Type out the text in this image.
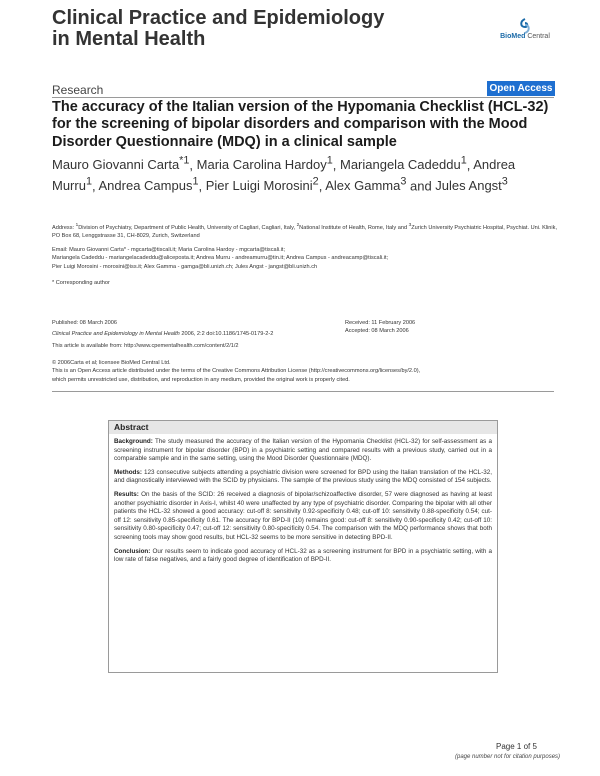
Clinical Practice and Epidemiology
in Mental Health	BioMed Central
Research	Open Access
The accuracy of the Italian version of the Hypomania Checklist (HCL-32) for the screening of bipolar disorders and comparison with the Mood Disorder Questionnaire (MDQ) in a clinical sample
Mauro Giovanni Carta$^{*1}$, Maria Carolina Hardoy$^1$, Mariangela Cadeddu$^1$, Andrea Murru$^1$, Andrea Campus$^1$, Pier Luigi Morosini$^2$, Alex Gamma$^3$ and Jules Angst$^3$
Address: $^1$Division of Psychiatry, Department of Public Health, University of Cagliari, Cagliari, Italy, $^2$National Institute of Health, Rome, Italy and $^3$Zurich University Psychiatric Hospital, Psychiat. Uni. Klinik, PO Box 68, Lenggstrasse 31, CH-8029, Zurich, Switzerland
Email: Mauro Giovanni Carta* - mgcarta@tiscali.it; Maria Carolina Hardoy - mgcarta@tiscali.it;
Mariangela Cadeddu - mariangelacadeddu@aliceposta.it; Andrea Murru - andreamurru@tin.it; Andrea Campus - andreacamp@tiscali.it;
Pier Luigi Morosini - morosini@iss.it; Alex Gamma - gamga@bli.unizh.ch; Jules Angst - jangst@bli.unizh.ch
* Corresponding author
Published: 08 March 2006
Clinical Practice and Epidemiology in Mental Health 2006, 2:2 doi:10.1186/1745-0179-2-2
This article is available from: http://www.cpementalhealth.com/content/2/1/2
Received: 11 February 2006
Accepted: 08 March 2006
© 2006Carta et al; licensee BioMed Central Ltd.
This is an Open Access article distributed under the terms of the Creative Commons Attribution License (http://creativecommons.org/licenses/by/2.0),
which permits unrestricted use, distribution, and reproduction in any medium, provided the original work is properly cited.
Abstract

Background: The study measured the accuracy of the Italian version of the Hypomania Checklist (HCL-32) for self-assessment as a screening instrument for bipolar disorder (BPD) in a psychiatric setting and compared results with a previous study, carried out in a comparable sample and in the same setting, using the Mood Disorder Questionnaire (MDQ).

Methods: 123 consecutive subjects attending a psychiatric division were screened for BPD using the Italian translation of the HCL-32, and diagnostically interviewed with the SCID by physicians. The sample of the previous study using the MDQ consisted of 154 subjects.

Results: On the basis of the SCID: 26 received a diagnosis of bipolar/schizoaffective disorder, 57 were diagnosed as having at least another psychiatric disorder in Axis-I, whilst 40 were unaffected by any type of psychiatric disorder. Comparing the bipolar with all other patients the HCL-32 showed a good accuracy: cut-off 8: sensitivity 0.92-specificity 0.48; cut-off 10: sensitivity 0.88-specificity 0.54; cut-off 12: sensitivity 0.85-specificity 0.61. The accuracy for BPD-II (10) remains good: cut-off 8: sensitivity 0.90-specificity 0.42; cut-off 10: sensitivity 0.80-specificity 0.47; cut-off 12: sensitivity 0.80-specificity 0.54. The comparison with the MDQ performance shows that both screening tools may show good results, but HCL-32 seems to be more sensitive in detecting BPD-II.

Conclusion: Our results seem to indicate good accuracy of HCL-32 as a screening instrument for BPD in a psychiatric setting, with a low rate of false negatives, and a fairly good degree of identification of BPD-II.

Page 1 of 5
(page number not for citation purposes)
